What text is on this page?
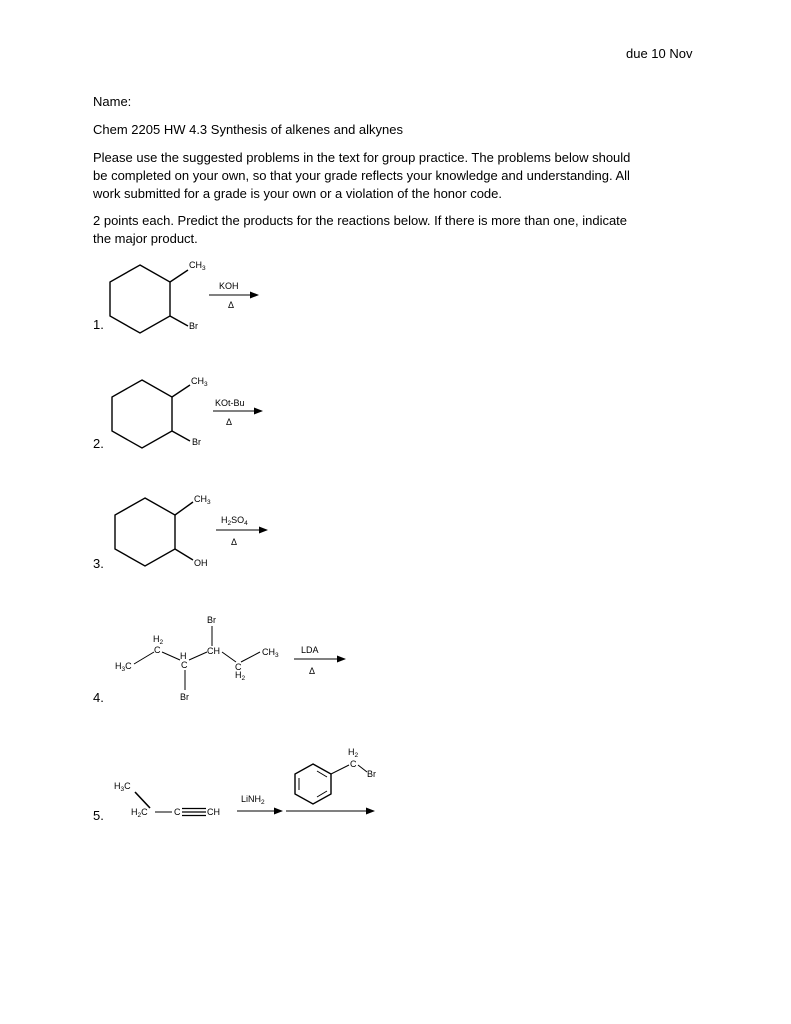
due 10 Nov
Name:
Chem 2205 HW 4.3 Synthesis of alkenes and alkynes
Please use the suggested problems in the text for group practice. The problems below should
be completed on your own, so that your grade reflects your knowledge and understanding. All
work submitted for a grade is your own or a violation of the honor code.
2 points each. Predict the products for the reactions below. If there is more than one, indicate
the major product.
1.
2.
3.
4.
5.
$CH_3$
Br
KOH
Δ
$CH_3$
Br
KOt-Bu
Δ
$CH_3$
OH
$H_2SO_4$
Δ
Br
Br
$H_3C$
$H_2$
C
H
C
CH
C
$H_2$
$CH_3$
LDA
Δ
$H_3C$
$H_2C$	C	CH
LiNH$_2$
$H_2$
C
Br
